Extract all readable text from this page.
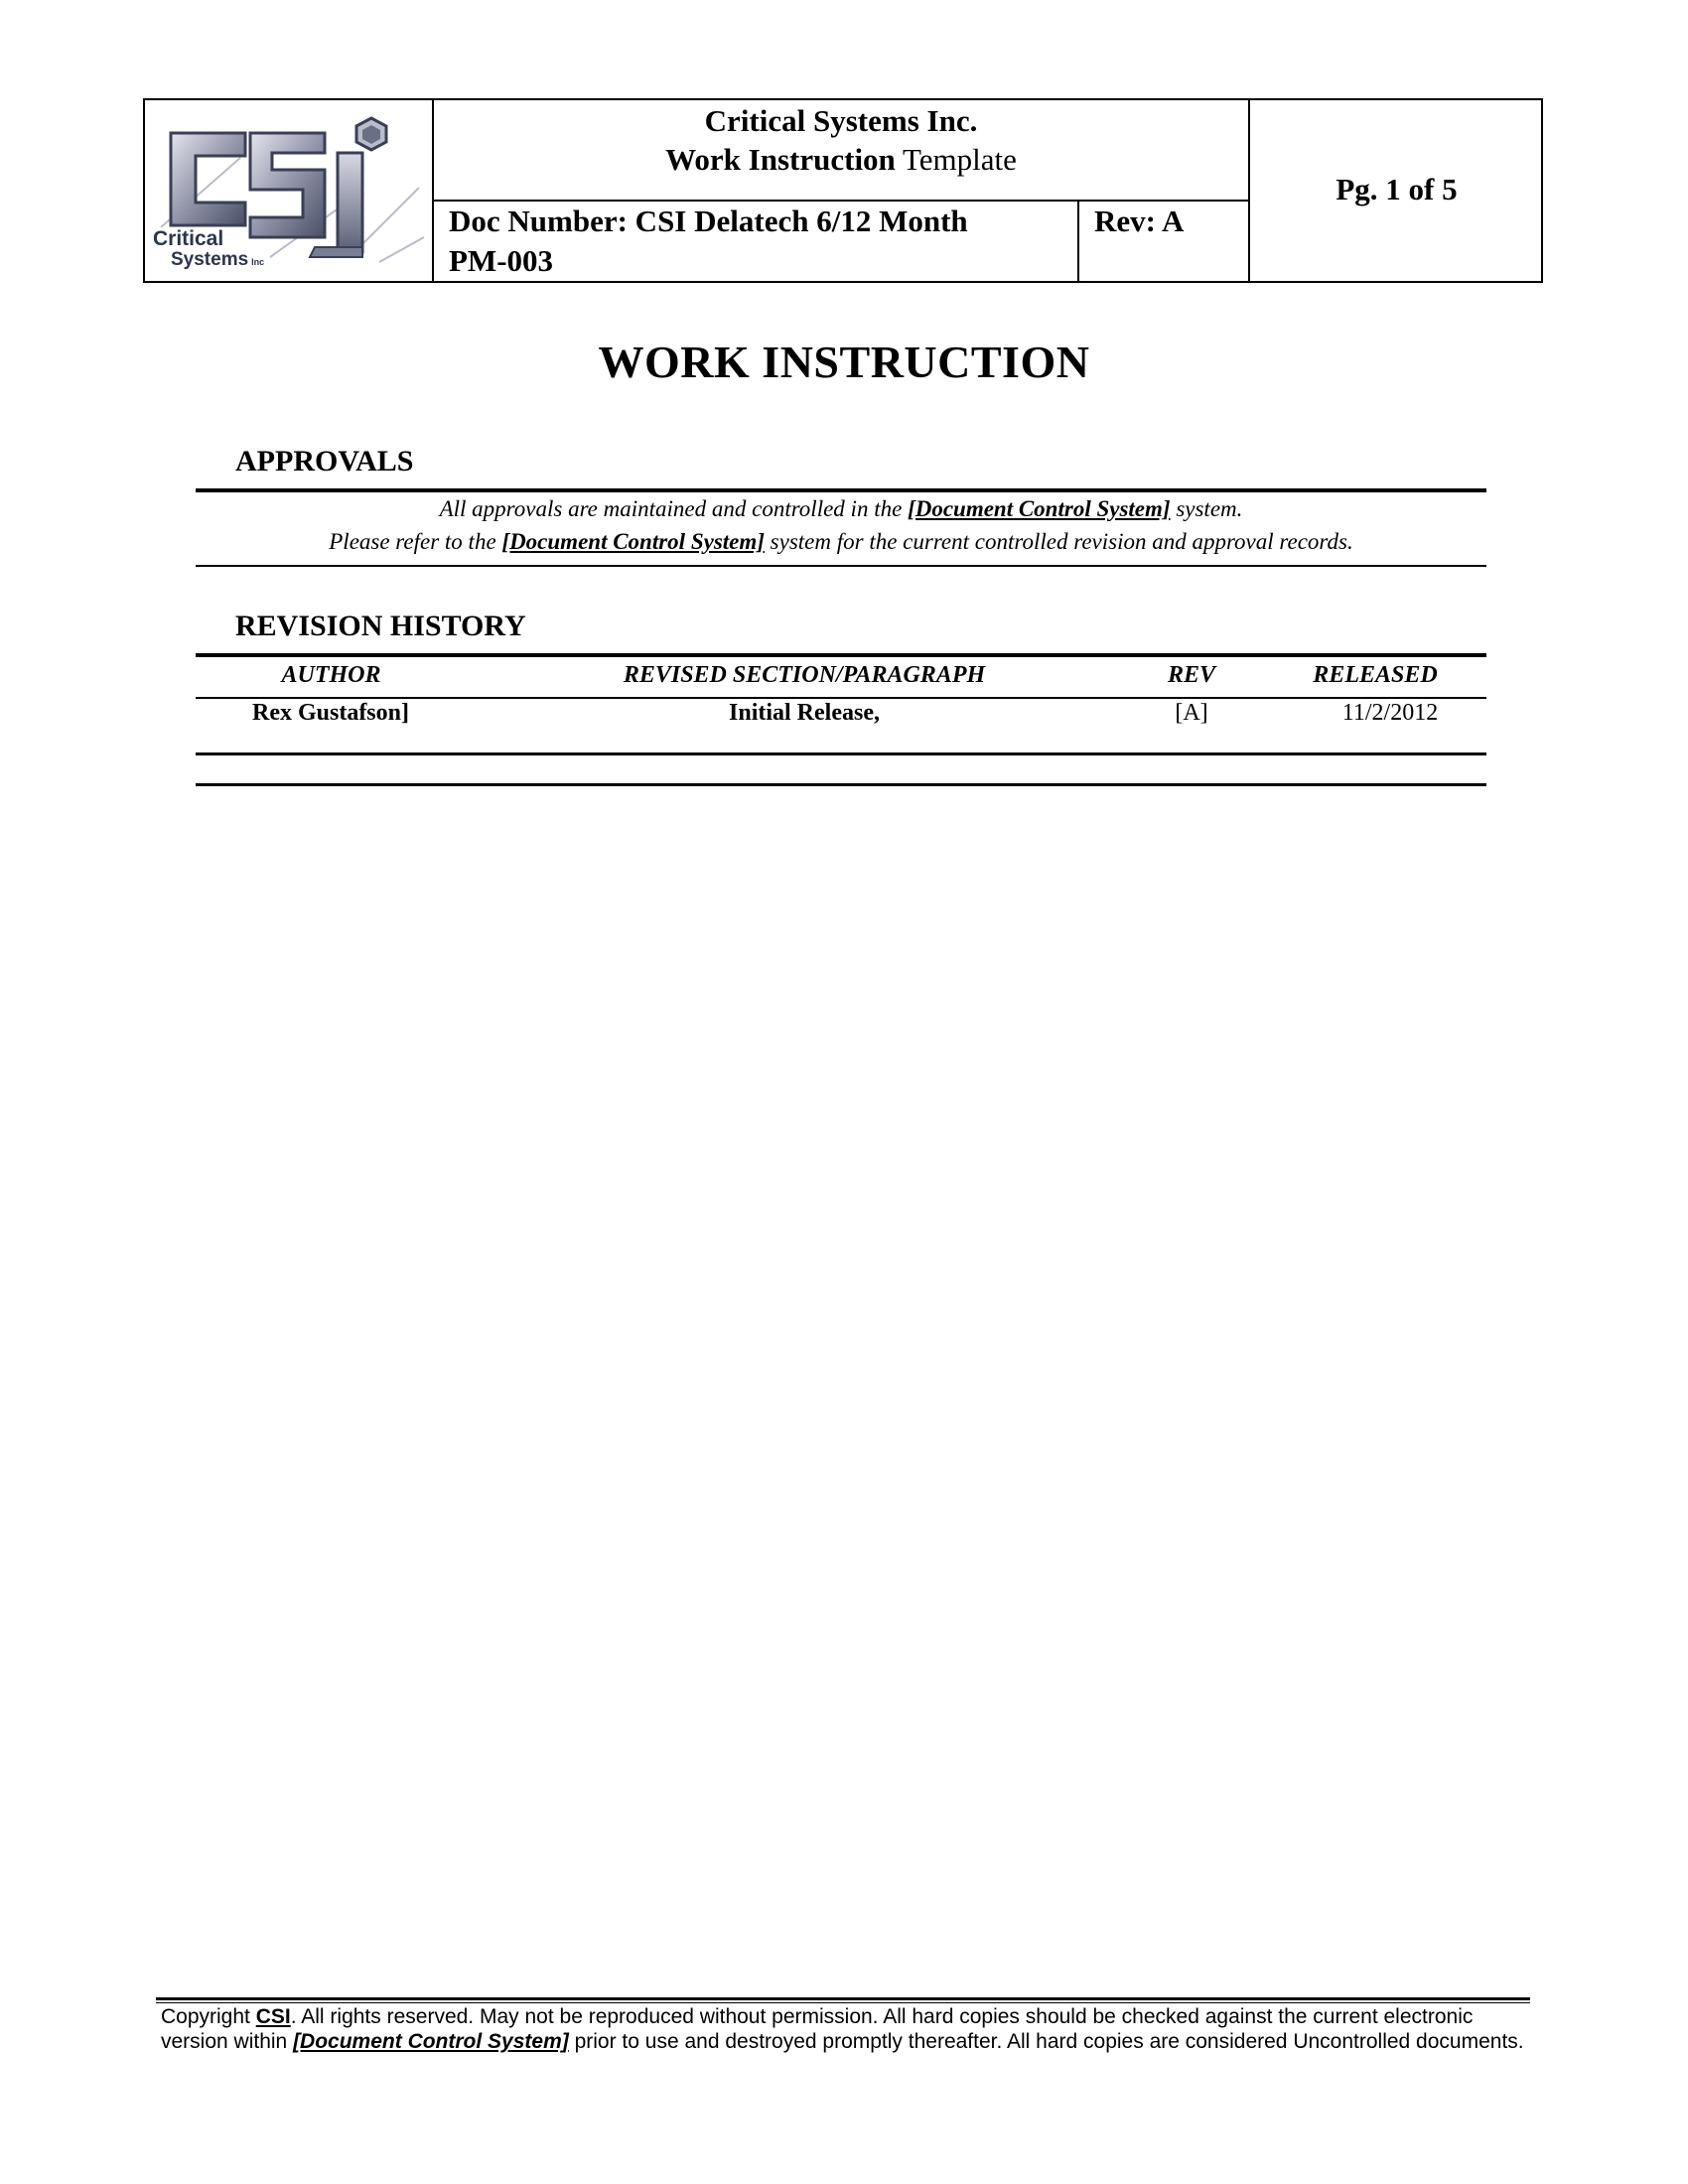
Critical
Systems Inc
Critical Systems Inc.
Work Instruction Template
Doc Number: CSI Delatech 6/12 Month
PM-003
Rev: A
Pg. 1 of 5
WORK INSTRUCTION
APPROVALS
All approvals are maintained and controlled in the [Document Control System] system.
Please refer to the [Document Control System] system for the current controlled revision and approval records.
REVISION HISTORY
AUTHOR	REVISED SECTION/PARAGRAPH	REV	RELEASED
Rex Gustafson]	Initial Release,	[A]	11/2/2012
Copyright CSI. All rights reserved. May not be reproduced without permission. All hard copies should be checked against the current electronic version within [Document Control System] prior to use and destroyed promptly thereafter. All hard copies are considered Uncontrolled documents.
